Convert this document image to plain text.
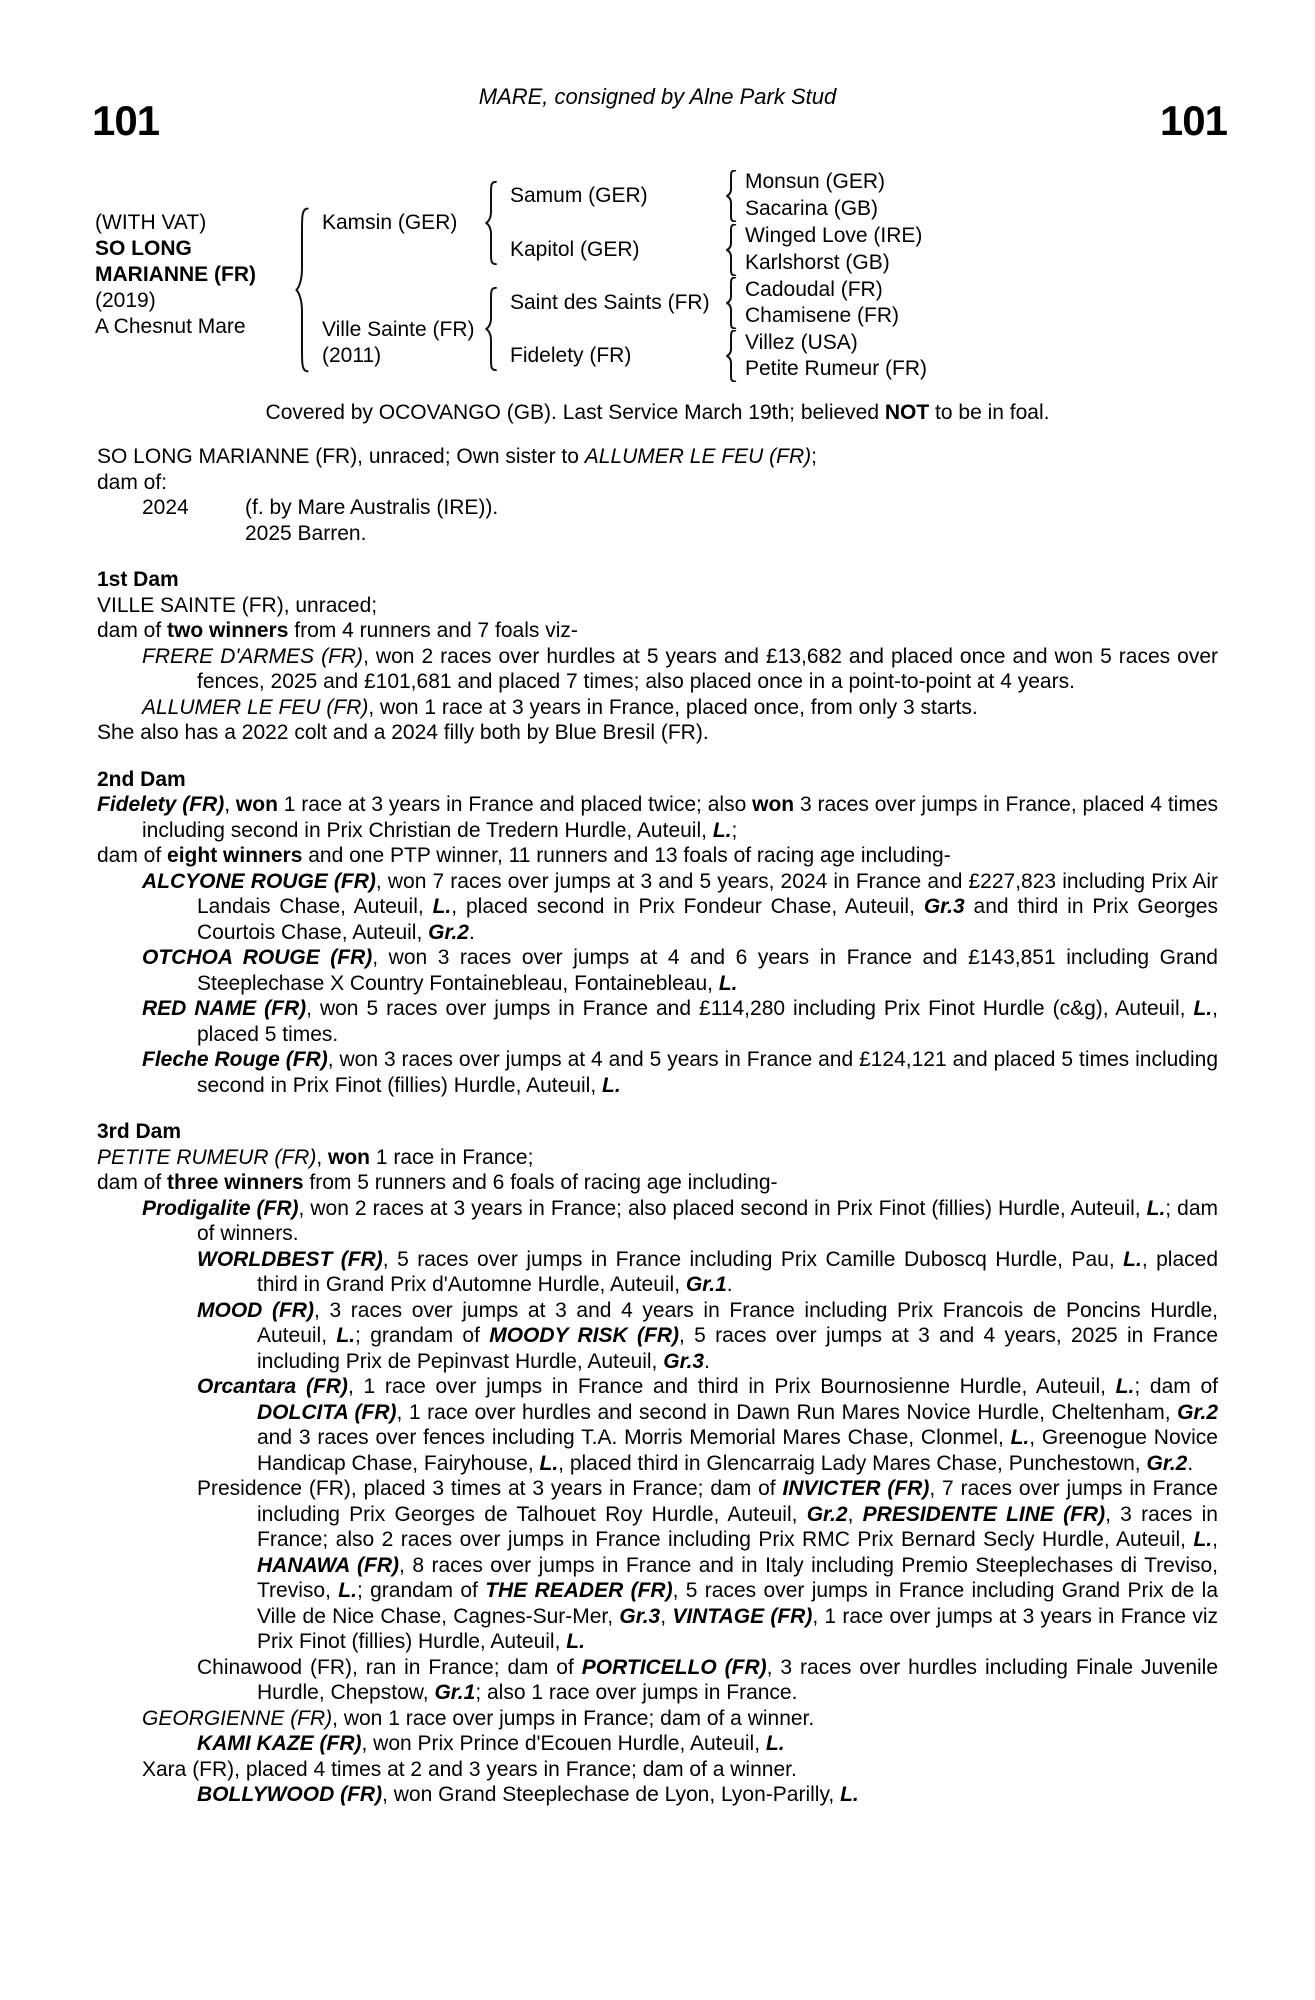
MARE, consigned by Alne Park Stud
101	101
(WITH VAT)
SO LONG
MARIANNE (FR)
(2019)
A Chesnut Mare
Kamsin (GER)
Ville Sainte (FR)
(2011)
Samum (GER)
Kapitol (GER)
Saint des Saints (FR)
Fidelety (FR)
Monsun (GER)
Sacarina (GB)
Winged Love (IRE)
Karlshorst (GB)
Cadoudal (FR)
Chamisene (FR)
Villez (USA)
Petite Rumeur (FR)
Covered by OCOVANGO (GB). Last Service March 19th; believed NOT to be in foal.
SO LONG MARIANNE (FR), unraced; Own sister to ALLUMER LE FEU (FR);
dam of:
2024	(f. by Mare Australis (IRE)).
2025 Barren.
1st Dam
VILLE SAINTE (FR), unraced;
dam of two winners from 4 runners and 7 foals viz-
FRERE D'ARMES (FR), won 2 races over hurdles at 5 years and £13,682 and placed once and won 5 races over fences, 2025 and £101,681 and placed 7 times; also placed once in a point-to-point at 4 years.
ALLUMER LE FEU (FR), won 1 race at 3 years in France, placed once, from only 3 starts.
She also has a 2022 colt and a 2024 filly both by Blue Bresil (FR).
2nd Dam
Fidelety (FR), won 1 race at 3 years in France and placed twice; also won 3 races over jumps in France, placed 4 times including second in Prix Christian de Tredern Hurdle, Auteuil, L.;
dam of eight winners and one PTP winner, 11 runners and 13 foals of racing age including-
ALCYONE ROUGE (FR), won 7 races over jumps at 3 and 5 years, 2024 in France and £227,823 including Prix Air Landais Chase, Auteuil, L., placed second in Prix Fondeur Chase, Auteuil, Gr.3 and third in Prix Georges Courtois Chase, Auteuil, Gr.2.
OTCHOA ROUGE (FR), won 3 races over jumps at 4 and 6 years in France and £143,851 including Grand Steeplechase X Country Fontainebleau, Fontainebleau, L.
RED NAME (FR), won 5 races over jumps in France and £114,280 including Prix Finot Hurdle (c&g), Auteuil, L., placed 5 times.
Fleche Rouge (FR), won 3 races over jumps at 4 and 5 years in France and £124,121 and placed 5 times including second in Prix Finot (fillies) Hurdle, Auteuil, L.
3rd Dam
PETITE RUMEUR (FR), won 1 race in France;
dam of three winners from 5 runners and 6 foals of racing age including-
Prodigalite (FR), won 2 races at 3 years in France; also placed second in Prix Finot (fillies) Hurdle, Auteuil, L.; dam of winners.
WORLDBEST (FR), 5 races over jumps in France including Prix Camille Duboscq Hurdle, Pau, L., placed third in Grand Prix d'Automne Hurdle, Auteuil, Gr.1.
MOOD (FR), 3 races over jumps at 3 and 4 years in France including Prix Francois de Poncins Hurdle, Auteuil, L.; grandam of MOODY RISK (FR), 5 races over jumps at 3 and 4 years, 2025 in France including Prix de Pepinvast Hurdle, Auteuil, Gr.3.
Orcantara (FR), 1 race over jumps in France and third in Prix Bournosienne Hurdle, Auteuil, L.; dam of DOLCITA (FR), 1 race over hurdles and second in Dawn Run Mares Novice Hurdle, Cheltenham, Gr.2 and 3 races over fences including T.A. Morris Memorial Mares Chase, Clonmel, L., Greenogue Novice Handicap Chase, Fairyhouse, L., placed third in Glencarraig Lady Mares Chase, Punchestown, Gr.2.
Presidence (FR), placed 3 times at 3 years in France; dam of INVICTER (FR), 7 races over jumps in France including Prix Georges de Talhouet Roy Hurdle, Auteuil, Gr.2, PRESIDENTE LINE (FR), 3 races in France; also 2 races over jumps in France including Prix RMC Prix Bernard Secly Hurdle, Auteuil, L., HANAWA (FR), 8 races over jumps in France and in Italy including Premio Steeplechases di Treviso, Treviso, L.; grandam of THE READER (FR), 5 races over jumps in France including Grand Prix de la Ville de Nice Chase, Cagnes-Sur-Mer, Gr.3, VINTAGE (FR), 1 race over jumps at 3 years in France viz Prix Finot (fillies) Hurdle, Auteuil, L.
Chinawood (FR), ran in France; dam of PORTICELLO (FR), 3 races over hurdles including Finale Juvenile Hurdle, Chepstow, Gr.1; also 1 race over jumps in France.
GEORGIENNE (FR), won 1 race over jumps in France; dam of a winner.
KAMI KAZE (FR), won Prix Prince d'Ecouen Hurdle, Auteuil, L.
Xara (FR), placed 4 times at 2 and 3 years in France; dam of a winner.
BOLLYWOOD (FR), won Grand Steeplechase de Lyon, Lyon-Parilly, L.
